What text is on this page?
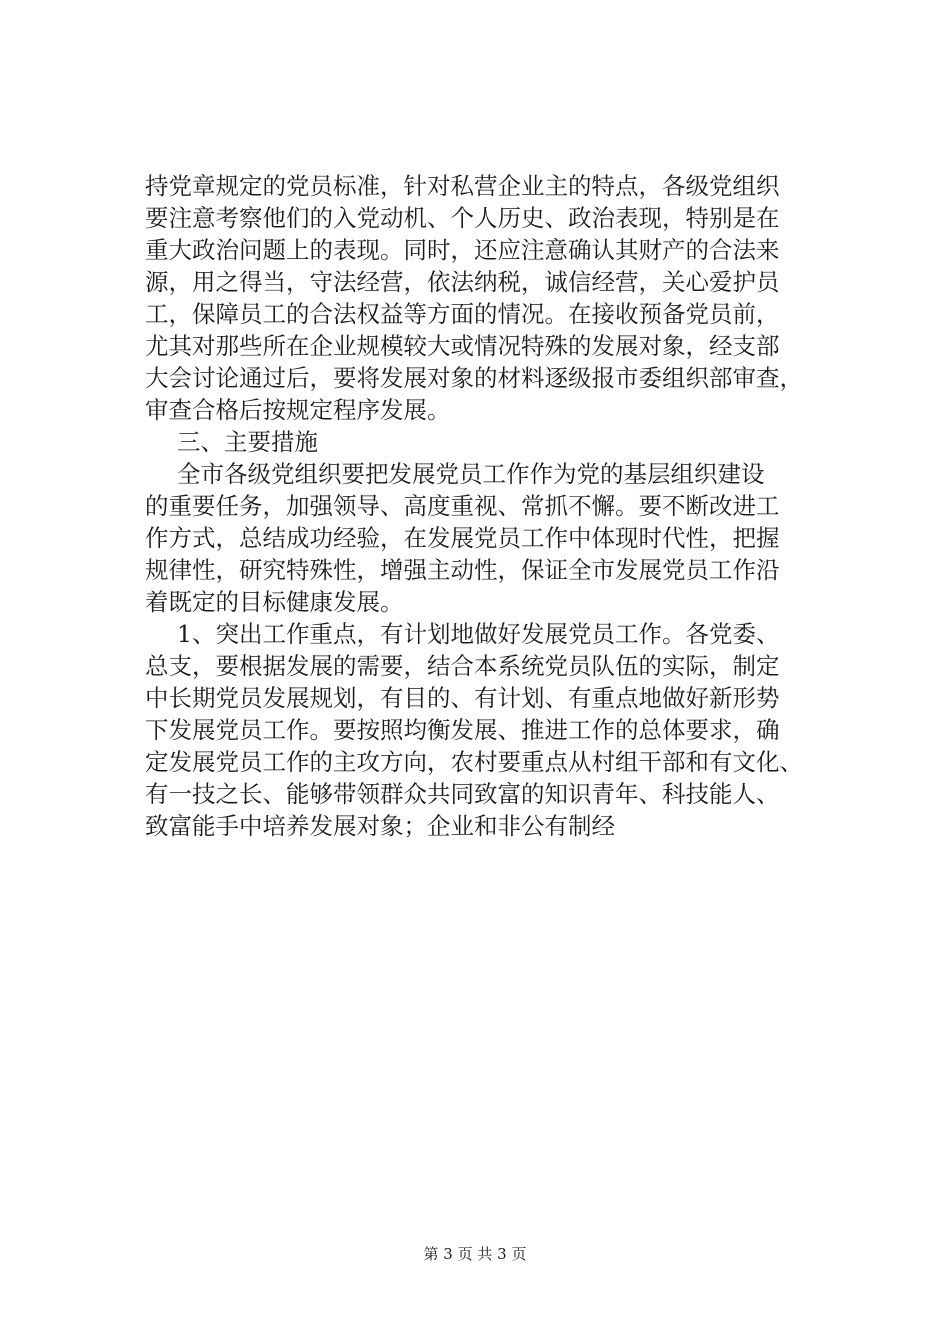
持党章规定的党员标准，针对私营企业主的特点，各级党组织
要注意考察他们的入党动机、个人历史、政治表现，特别是在
重大政治问题上的表现。同时，还应注意确认其财产的合法来
源，用之得当，守法经营，依法纳税，诚信经营，关心爱护员
工，保障员工的合法权益等方面的情况。在接收预备党员前，
尤其对那些所在企业规模较大或情况特殊的发展对象，经支部
大会讨论通过后，要将发展对象的材料逐级报市委组织部审查，
审查合格后按规定程序发展。
三、主要措施
全市各级党组织要把发展党员工作作为党的基层组织建设
的重要任务，加强领导、高度重视、常抓不懈。要不断改进工
作方式，总结成功经验，在发展党员工作中体现时代性，把握
规律性，研究特殊性，增强主动性，保证全市发展党员工作沿
着既定的目标健康发展。
1、突出工作重点，有计划地做好发展党员工作。各党委、
总支，要根据发展的需要，结合本系统党员队伍的实际，制定
中长期党员发展规划，有目的、有计划、有重点地做好新形势
下发展党员工作。要按照均衡发展、推进工作的总体要求，确
定发展党员工作的主攻方向，农村要重点从村组干部和有文化、
有一技之长、能够带领群众共同致富的知识青年、科技能人、
致富能手中培养发展对象；企业和非公有制经
第 3 页 共 3 页
